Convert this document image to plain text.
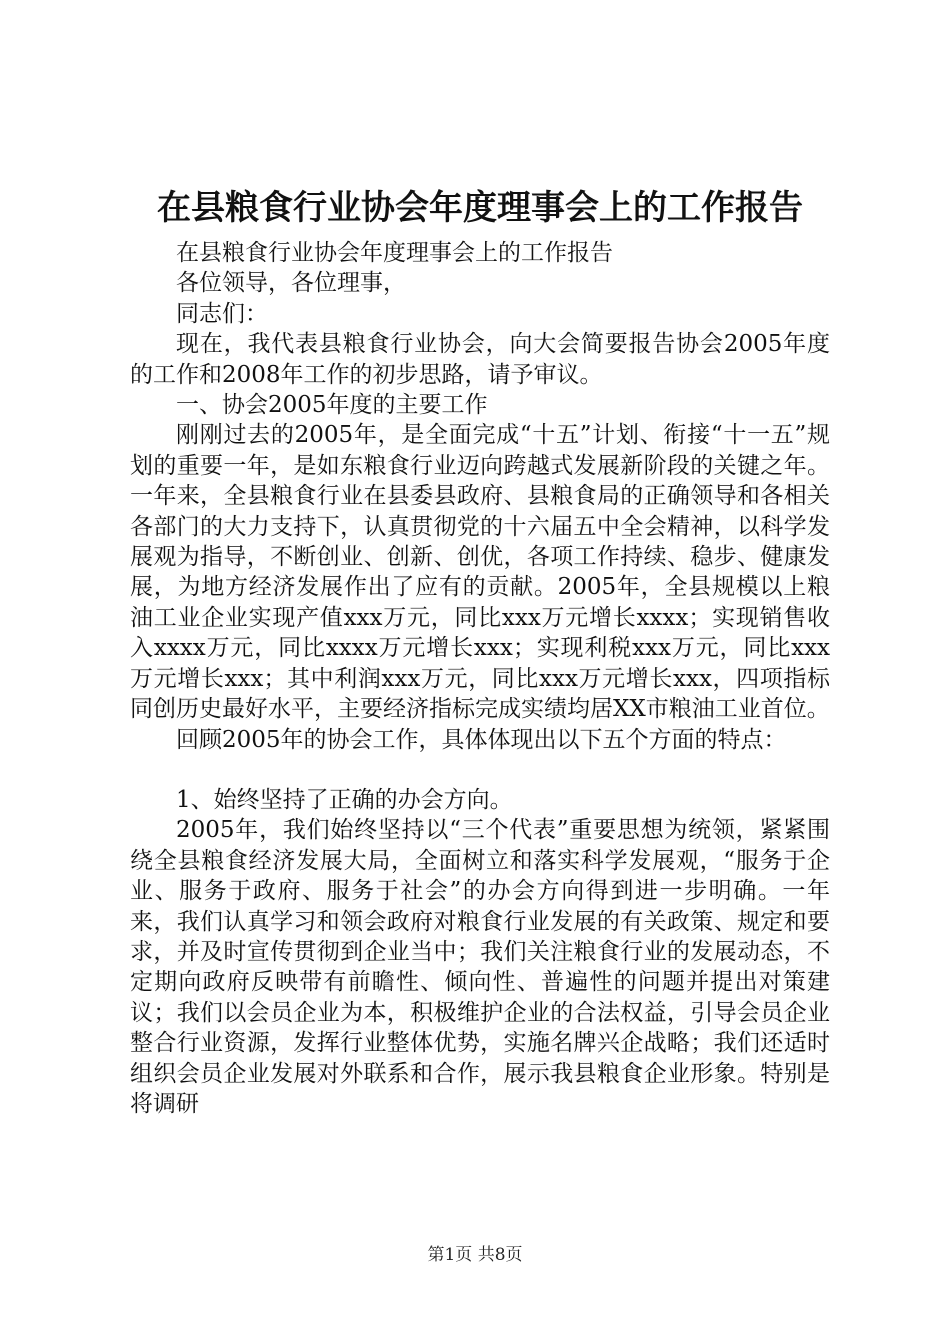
在县粮食行业协会年度理事会上的工作报告

在县粮食行业协会年度理事会上的工作报告

各位领导，各位理事，

同志们：

现在，我代表县粮食行业协会，向大会简要报告协会2005年度的工作和2008年工作的初步思路，请予审议。

一、协会2005年度的主要工作

刚刚过去的2005年，是全面完成“十五”计划、衔接“十一五”规划的重要一年，是如东粮食行业迈向跨越式发展新阶段的关键之年。一年来，全县粮食行业在县委县政府、县粮食局的正确领导和各相关各部门的大力支持下，认真贯彻党的十六届五中全会精神，以科学发展观为指导，不断创业、创新、创优，各项工作持续、稳步、健康发展，为地方经济发展作出了应有的贡献。2005年，全县规模以上粮油工业企业实现产值xxx万元，同比xxx万元增长xxxx；实现销售收入xxxx万元，同比xxxx万元增长xxx；实现利税xxx万元，同比xxx万元增长xxx；其中利润xxx万元，同比xxx万元增长xxx，四项指标同创历史最好水平，主要经济指标完成实绩均居XX市粮油工业首位。

回顾2005年的协会工作，具体体现出以下五个方面的特点：

1、始终坚持了正确的办会方向。

2005年，我们始终坚持以“三个代表”重要思想为统领，紧紧围绕全县粮食经济发展大局，全面树立和落实科学发展观，“服务于企业、服务于政府、服务于社会”的办会方向得到进一步明确。一年来，我们认真学习和领会政府对粮食行业发展的有关政策、规定和要求，并及时宣传贯彻到企业当中；我们关注粮食行业的发展动态，不定期向政府反映带有前瞻性、倾向性、普遍性的问题并提出对策建议；我们以会员企业为本，积极维护企业的合法权益，引导会员企业整合行业资源，发挥行业整体优势，实施名牌兴企战略；我们还适时组织会员企业发展对外联系和合作，展示我县粮食企业形象。特别是将调研

第1页 共8页
